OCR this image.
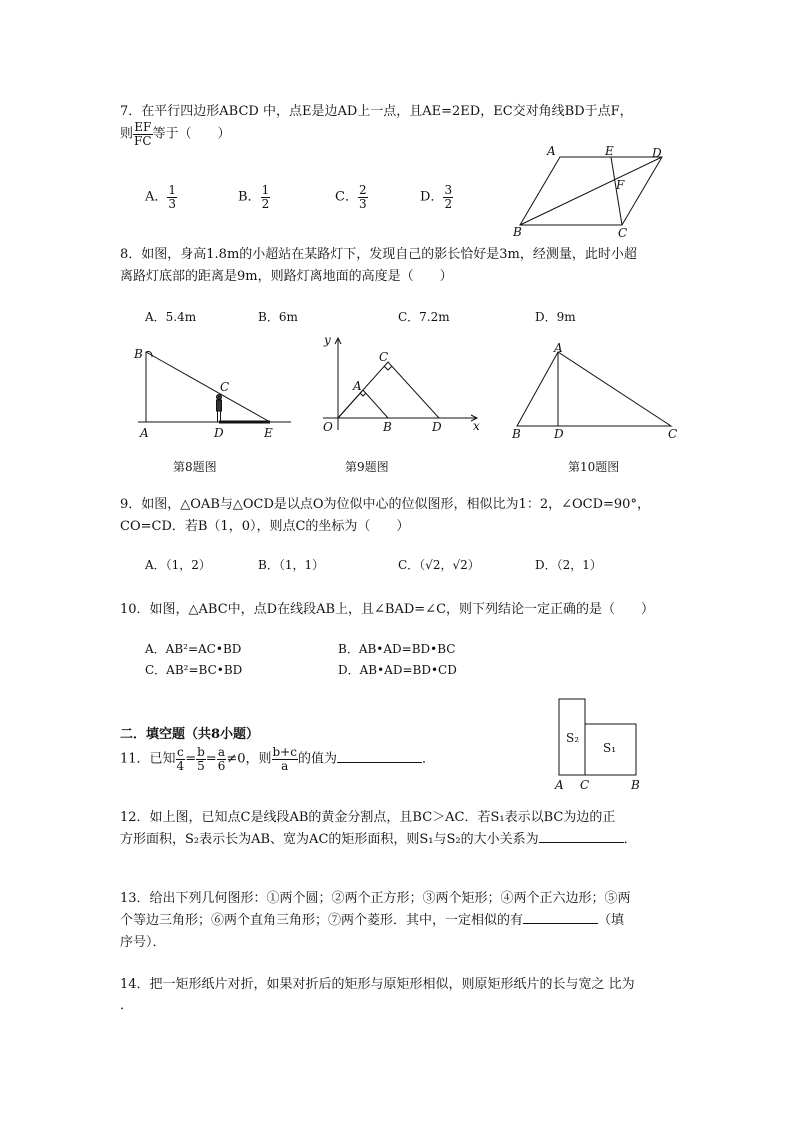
7．在平行四边形ABCD 中，点E是边AD上一点，且AE=2ED，EC交对角线BD于点F，
则 $\frac{EF}{FC}$ 等于（　　）
A． $\frac{1}{3}$	B． $\frac{1}{2}$	C． $\frac{2}{3}$	D． $\frac{3}{2}$
A	E	D
F
B	C
8．如图，身高1.8m的小超站在某路灯下，发现自己的影长恰好是3m，经测量，此时小超
离路灯底部的距离是9m，则路灯离地面的高度是（　　）
A．5.4m	B．6m	C．7.2m	D．9m
B
C
A	D	E
第8题图
y
C
A
O	B	D	x
第9题图
A
B	D	C
第10题图
9．如图，△OAB与△OCD是以点O为位似中心的位似图形，相似比为1：2，∠OCD=90°，
CO=CD．若B（1，0），则点C的坐标为（　　）
A．（1，2）	B．（1，1）	C．（√2，√2）	D．（2，1）
10．如图，△ABC中，点D在线段AB上，且∠BAD=∠C，则下列结论一定正确的是（　　）
A．AB²=AC•BD	B．AB•AD=BD•BC
C．AB²=BC•BD	D．AB•AD=BD•CD
二．填空题（共8小题）	S₂
S₁
A C	B
11．已知 $\frac{c}{4} = \frac{b}{5} = \frac{a}{6} \ne 0$，则 $\frac{b+c}{a}$ 的值为	．
12．如上图，已知点C是线段AB的黄金分割点，且BC＞AC．若S₁表示以BC为边的正
方形面积，S₂表示长为AB、宽为AC的矩形面积，则S₁与S₂的大小关系为	．
13．给出下列几何图形：①两个圆；②两个正方形；③两个矩形；④两个正六边形；⑤两
个等边三角形；⑥两个直角三角形；⑦两个菱形．其中，一定相似的有	（填
序号）．
14．把一矩形纸片对折，如果对折后的矩形与原矩形相似，则原矩形纸片的长与宽之 比为
．
